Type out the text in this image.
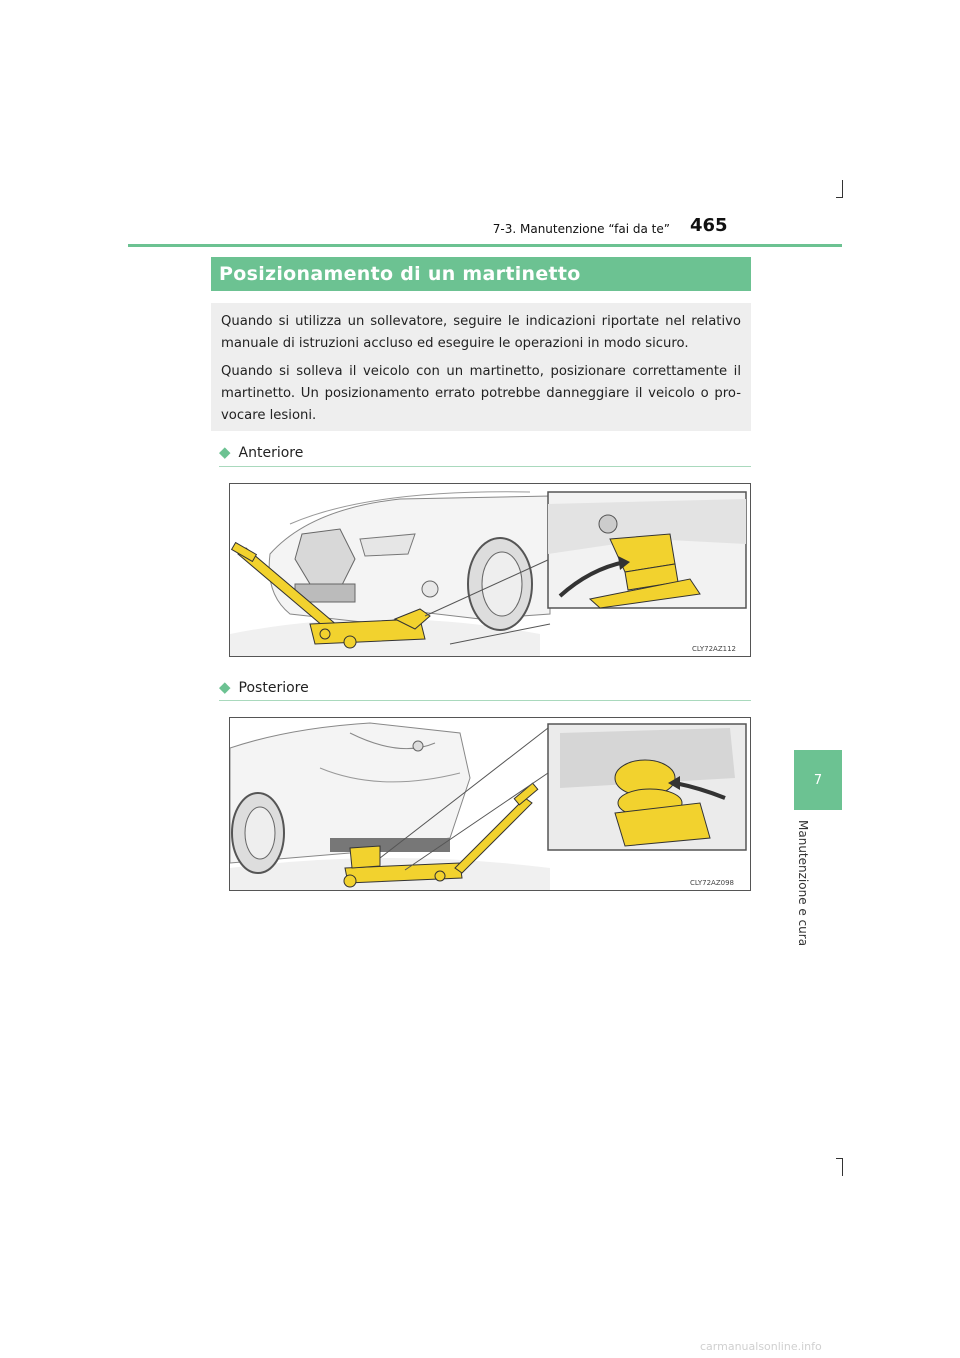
7-3. Manutenzione “fai da te” 465
7
Manutenzione e cura
Posizionamento di un martinetto

Quando si utilizza un sollevatore, seguire le indicazioni riportate nel relativo manuale di istruzioni accluso ed eseguire le operazioni in modo sicuro.

Quando si solleva il veicolo con un martinetto, posizionare correttamente il martinetto. Un posizionamento errato potrebbe danneggiare il veicolo o pro- vocare lesioni.

◆ Anteriore
CLY72AZ112
◆ Posteriore
CLY72AZ098
carmanualsonline.info
